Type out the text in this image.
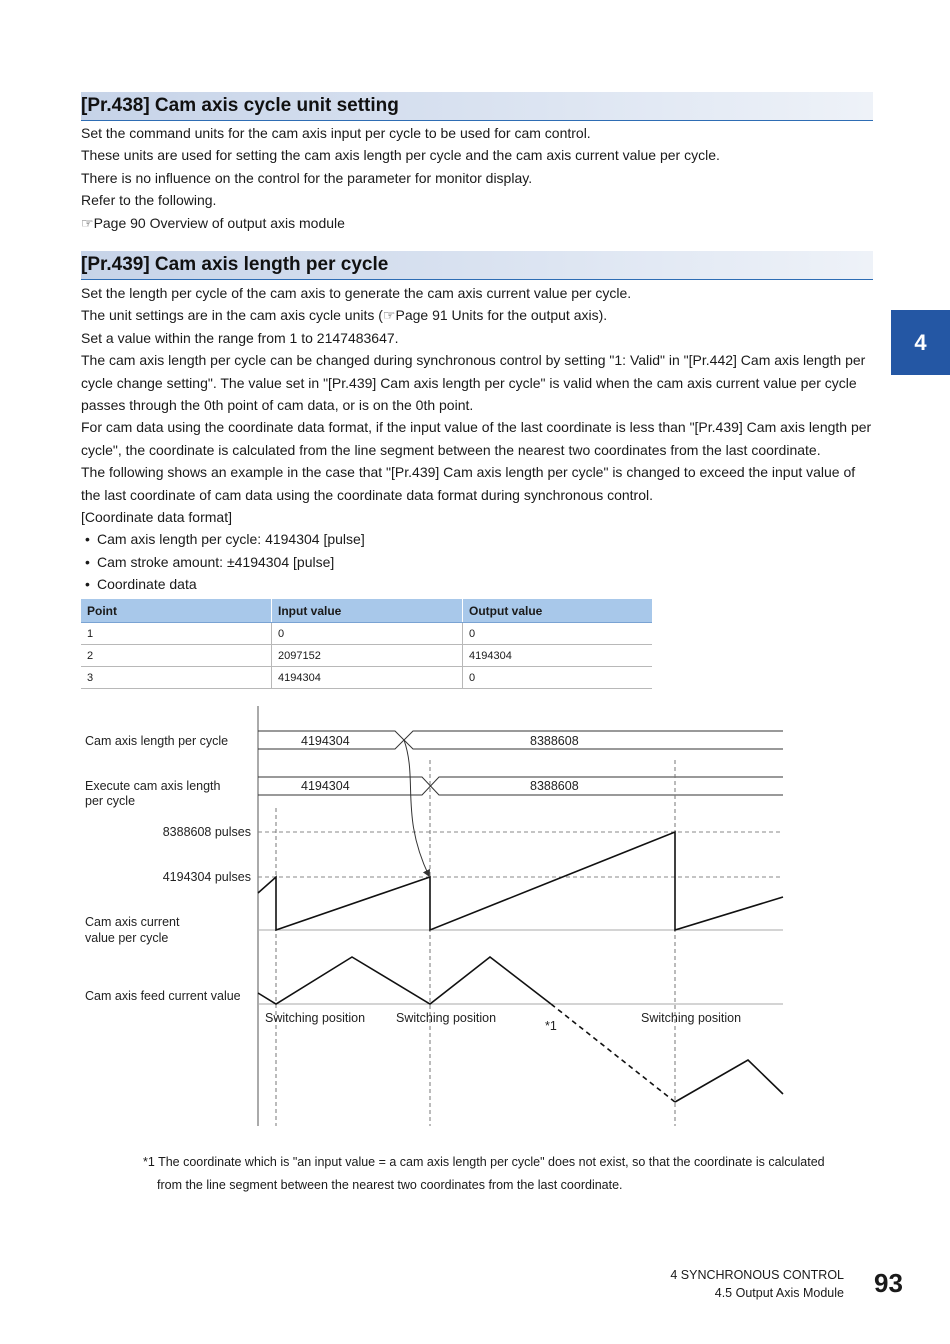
[Pr.438] Cam axis cycle unit setting

Set the command units for the cam axis input per cycle to be used for cam control.

These units are used for setting the cam axis length per cycle and the cam axis current value per cycle.

There is no influence on the control for the parameter for monitor display.

Refer to the following.

☞Page 90 Overview of output axis module

[Pr.439] Cam axis length per cycle

Set the length per cycle of the cam axis to generate the cam axis current value per cycle.

The unit settings are in the cam axis cycle units (☞Page 91 Units for the output axis).

Set a value within the range from 1 to 2147483647.

The cam axis length per cycle can be changed during synchronous control by setting "1: Valid" in "[Pr.442] Cam axis length per cycle change setting". The value set in "[Pr.439] Cam axis length per cycle" is valid when the cam axis current value per cycle passes through the 0th point of cam data, or is on the 0th point.

For cam data using the coordinate data format, if the input value of the last coordinate is less than "[Pr.439] Cam axis length per cycle", the coordinate is calculated from the line segment between the nearest two coordinates from the last coordinate.

The following shows an example in the case that "[Pr.439] Cam axis length per cycle" is changed to exceed the input value of the last coordinate of cam data using the coordinate data format during synchronous control.

[Coordinate data format]

• Cam axis length per cycle: 4194304 [pulse]

• Cam stroke amount: ±4194304 [pulse]

• Coordinate data

4
Point	Input value	Output value
1	0	0
2	2097152	4194304
3	4194304	0
Cam axis length per cycle
Execute cam axis length
per cycle
8388608 pulses
4194304 pulses
Cam axis current
value per cycle
Cam axis feed current value
4194304	8388608
4194304	8388608
Switching position Switching position	Switching position
*1

*1 The coordinate which is "an input value = a cam axis length per cycle" does not exist, so that the coordinate is calculated

from the line segment between the nearest two coordinates from the last coordinate.

4 SYNCHRONOUS CONTROL
4.5 Output Axis Module 93
